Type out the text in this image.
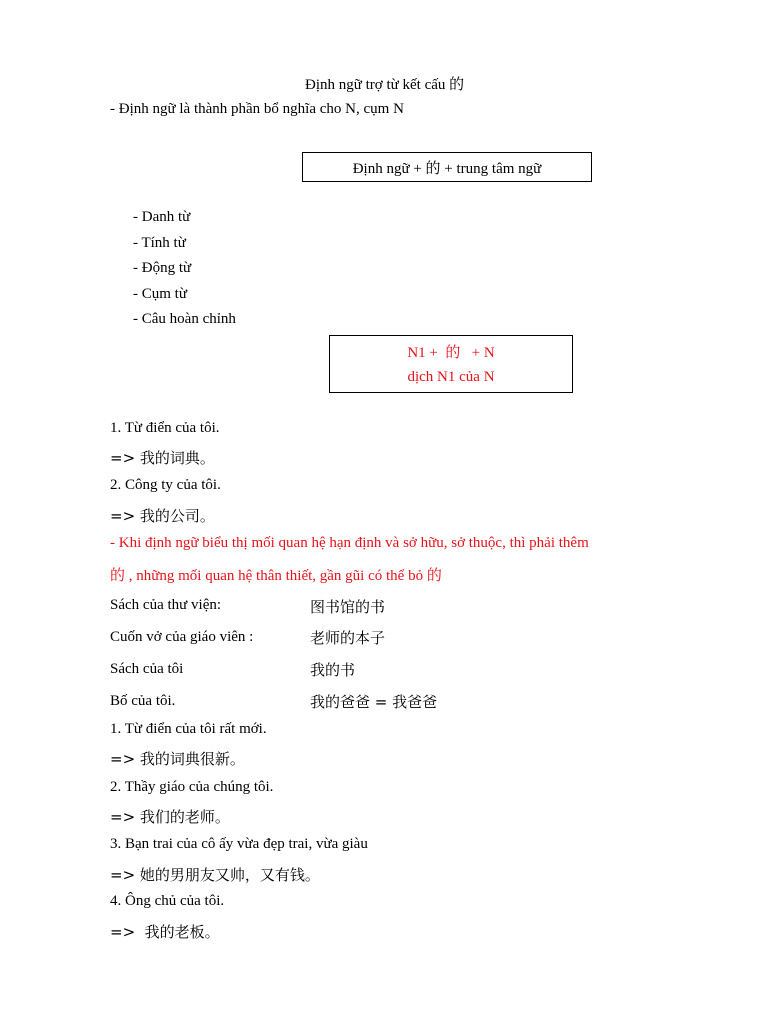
Định ngữ trợ từ kết cấu 的
- Định ngữ là thành phần bổ nghĩa cho N, cụm N
Định ngữ + 的 + trung tâm ngữ
- Danh từ
- Tính từ
- Động từ
- Cụm từ
- Câu hoàn chỉnh
N1 +  的   + N
dịch N1 của N
1. Từ điển của tôi.
=> 我的词典。
2. Công ty của tôi.
=> 我的公司。
- Khi định ngữ biểu thị mối quan hệ hạn định và sở hữu, sở thuộc, thì phải thêm
的 , những mối quan hệ thân thiết, gần gũi có thể bỏ 的
Sách của thư viện:	图书馆的书
Cuốn vở của giáo viên :	老师的本子
Sách của tôi	我的书
Bố của tôi.	我的爸爸 = 我爸爸
1. Từ điển của tôi rất mới.
=> 我的词典很新。
2. Thầy giáo của chúng tôi.
=> 我们的老师。
3. Bạn trai của cô ấy vừa đẹp trai, vừa giàu
=> 她的男朋友又帅，又有钱。
4. Ông chủ của tôi.
=>  我的老板。
